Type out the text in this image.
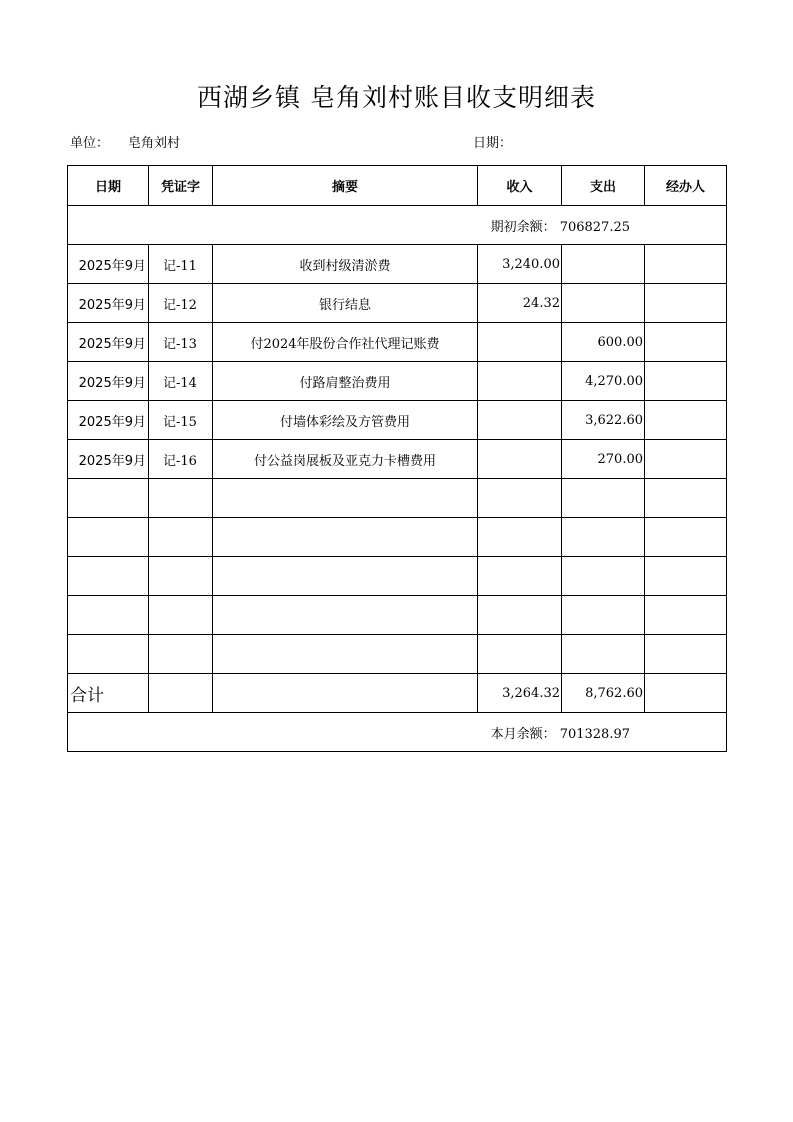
西湖乡镇 皂角刘村账目收支明细表
单位： 皂角刘村	日期：
日期	凭证字	摘要	收入	支出	经办人
期初余额： 706827.25					
2025年9月	记-11	收到村级清淤费	3,240.00		
2025年9月	记-12	银行结息	24.32		
2025年9月	记-13	付2024年股份合作社代理记账费		600.00	
2025年9月	记-14	付路肩整治费用		4,270.00	
2025年9月	记-15	付墙体彩绘及方管费用		3,622.60	
2025年9月	记-16	付公益岗展板及亚克力卡槽费用		270.00	

合计			3,264.32	8,762.60	
本月余额： 701328.97					
